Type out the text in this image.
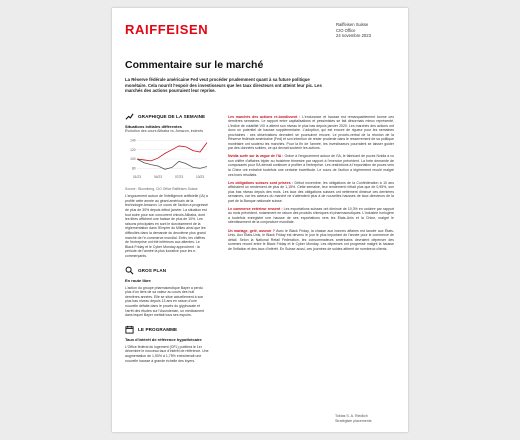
RAIFFEISEN	Raiffeisen Suisse
CIO Office
24 novembre 2023
Commentaire sur le marché
La Réserve fédérale américaine Fed veut procéder prudemment quant à sa future politique monétaire. Cela nourrit l'espoir des investisseurs que les taux directeurs ont atteint leur pic. Les marchés des actions pourraient leur reprise.
GRAPHIQUE DE LA SEMAINE
Situations initiales différentes
Évolution des cours Alibaba vs. Amazon, indexés
140
120
100
80
01/23	04/23	07/23	10/23
Source : Bloomberg, CIO Office Raiffeisen Suisse
L'engouement autour de l'intelligence artificielle (IA) a profité cette année au géant américain de la technologie Amazon. Le cours de l'action a progressé de plus de 30% depuis début janvier. La situation est tout autre pour son concurrent chinois Alibaba, dont les titres affichent une baisse de plus de 10%. Les raisons principales en sont le durcissement de la réglementation dans l'Empire du Milieu ainsi que les difficultés dans la demande du deuxième plus grand marché de l'e-commerce mondial. Enfin, les chiffres de l'entreprise ont été inférieurs aux attentes. Le Black Friday et le Cyber Monday approchent : la période de l'année la plus lucrative pour les e-commerçants.
GROS PLAN
En route libre
L'action du groupe pharmaceutique Bayer a perdu plus d'un tiers de sa valeur au cours des huit dernières années. Elle se situe actuellement à son plus bas niveau depuis 13 ans en raison d'une nouvelle défaite dans le procès du glyphosate et l'arrêt des études sur l'Asundexian, un médicament dans lequel Bayer mettait tous ses espoirs.
LE PROGRAMME
Taux d'intérêt de référence hypothécaire
L'Office fédéral du logement (OFL) publiera le 1er décembre le nouveau taux d'intérêt de référence. Une augmentation de 1,50% à 1,75% entraînerait une nouvelle hausse à grande échelle des loyers.

Les marchés des actions ré-bondissent : L'endurance et hausse est remarquablement bonne ces dernières semaines. Le rapport entre capitalisations et pessimistes se fait désormais mieux représenté. L'indice de volatilité VIX a atteint son niveau le plus bas depuis janvier 2020. Les marchés des actions ont donc un potentiel de hausse supplémentaire. L'adoption, qui est encore de rigueur pour les semaines prochaines : ces observations devraient se poursuivre encore. Le procès-verbal de la réunion de la Réserve fédérale américaine (Fed) et son intention de rester prudente dans le resserrement de sa politique monétaire ont soutenu les marchés. Pour la fin de l'année, les investisseurs pourraient se laisser guider par des données solides, ce qui devrait soutenir les actions.

Nvidia surfe sur la vague de l'IA : Grâce à l'engouement autour de l'IA, le fabricant de puces Nvidia a vu son chiffre d'affaires tripler au troisième trimestre par rapport à l'exercice précédent. La forte demande de composants pour l'IA devrait continuer à profiter à l'entreprise. Les restrictions à l'exportation de puces vers la Chine ont entraîné toutefois une certaine incertitude. Le cours de l'action a légèrement reculé malgré ces bons résultats.

Les obligations suisses sont prisées : Début novembre, les obligations de la Confédération à 10 ans affichaient un rendement de plus de 1,15%. Cette semaine, leur rendement n'était plus que de 0,95%, son plus bas niveau depuis des mois. Les taux des obligations suisses ont nettement diminué ces dernières semaines, car les acteurs du marché ne s'attendent plus à de nouvelles hausses de taux directeurs de la part de la Banque nationale suisse.

Le commerce extérieur ressent : Les exportations suisses ont diminué de 10,3% en octobre par rapport au mois précédent, notamment en raison des produits chimiques et pharmaceutiques. L'industrie horlogère a toutefois enregistré une hausse de ses exportations vers les États-Unis et la Chine, malgré le ralentissement de la conjoncture mondiale.

Un mariage, gelé, asseoir ? Avec le Black Friday, la chasse aux bonnes affaires est lancée aux États-Unis. Aux États-Unis, le Black Friday est devenu le jour le plus important de l'année pour le commerce de détail. Selon la National Retail Federation, les consommateurs américains devraient dépenser des sommes record entre le Black Friday et le Cyber Monday. Les dépenses ont progressé malgré la hausse de l'inflation et des taux d'intérêt. En Suisse aussi, ces journées de soldes attirent de nombreux clients.

Tobias S. A. Riedlich
Stratégiste placements
